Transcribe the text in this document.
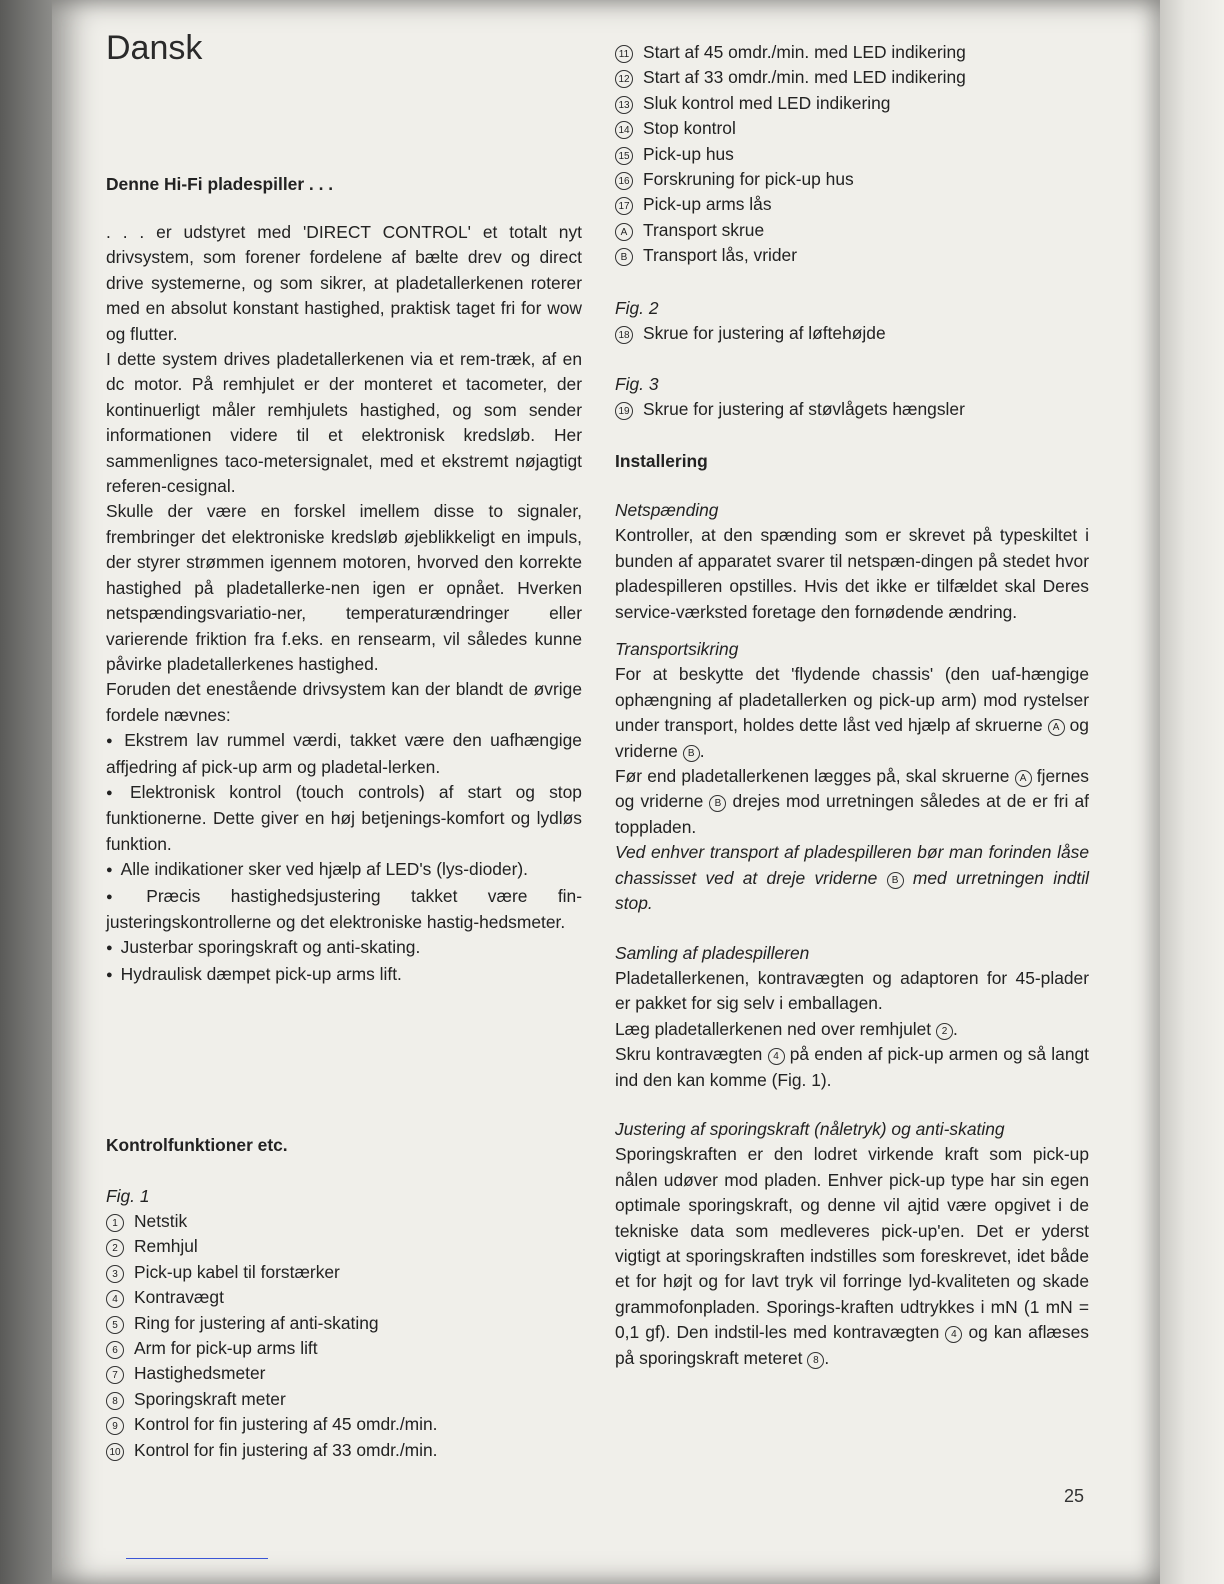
Dansk

Denne Hi-Fi pladespiller . . .

. . . er udstyret med 'DIRECT CONTROL' et totalt nyt drivsystem, som forener fordelene af bælte drev og direct drive systemerne, og som sikrer, at pladetallerkenen roterer med en absolut konstant hastighed, praktisk taget fri for wow og flutter.

I dette system drives pladetallerkenen via et rem-træk, af en dc motor. På remhjulet er der monteret et tacometer, der kontinuerligt måler remhjulets hastighed, og som sender informationen videre til et elektronisk kredsløb. Her sammenlignes taco-metersignalet, med et ekstremt nøjagtigt referen-cesignal.

Skulle der være en forskel imellem disse to signaler, frembringer det elektroniske kredsløb øjeblikkeligt en impuls, der styrer strømmen igennem motoren, hvorved den korrekte hastighed på pladetallerke-nen igen er opnået. Hverken netspændingsvariatio-ner, temperaturændringer eller varierende friktion fra f.eks. en rensearm, vil således kunne påvirke pladetallerkenes hastighed.

Foruden det enestående drivsystem kan der blandt de øvrige fordele nævnes:

● Ekstrem lav rummel værdi, takket være den uafhængige affjedring af pick-up arm og pladetal-lerken.

● Elektronisk kontrol (touch controls) af start og stop funktionerne. Dette giver en høj betjenings-komfort og lydløs funktion.

● Alle indikationer sker ved hjælp af LED's (lys-dioder).

● Præcis hastighedsjustering takket være fin-justeringskontrollerne og det elektroniske hastig-hedsmeter.

● Justerbar sporingskraft og anti-skating.

● Hydraulisk dæmpet pick-up arms lift.

Kontrolfunktioner etc.

Fig. 1

1 Netstik

2 Remhjul

3 Pick-up kabel til forstærker

4 Kontravægt

5 Ring for justering af anti-skating

6 Arm for pick-up arms lift

7 Hastighedsmeter

8 Sporingskraft meter

9 Kontrol for fin justering af 45 omdr./min.

10 Kontrol for fin justering af 33 omdr./min.

11 Start af 45 omdr./min. med LED indikering

12 Start af 33 omdr./min. med LED indikering

13 Sluk kontrol med LED indikering

14 Stop kontrol

15 Pick-up hus

16 Forskruning for pick-up hus

17 Pick-up arms lås

A Transport skrue

B Transport lås, vrider

Fig. 2

18 Skrue for justering af løftehøjde

Fig. 3

19 Skrue for justering af støvlågets hængsler

Installering

Netspænding

Kontroller, at den spænding som er skrevet på typeskiltet i bunden af apparatet svarer til netspæn-dingen på stedet hvor pladespilleren opstilles. Hvis det ikke er tilfældet skal Deres service-værksted foretage den fornødende ændring.

Transportsikring

For at beskytte det 'flydende chassis' (den uaf-hængige ophængning af pladetallerken og pick-up arm) mod rystelser under transport, holdes dette låst ved hjælp af skruerne A og vriderne B .

Før end pladetallerkenen lægges på, skal skruerne A fjernes og vriderne B drejes mod urretningen således at de er fri af toppladen.

Ved enhver transport af pladespilleren bør man forinden låse chassisset ved at dreje vriderne B med urretningen indtil stop.

Samling af pladespilleren

Pladetallerkenen, kontravægten og adaptoren for 45-plader er pakket for sig selv i emballagen.

Læg pladetallerkenen ned over remhjulet 2 .

Skru kontravægten 4 på enden af pick-up armen og så langt ind den kan komme (Fig. 1).

Justering af sporingskraft (nåletryk) og anti-skating

Sporingskraften er den lodret virkende kraft som pick-up nålen udøver mod pladen. Enhver pick-up type har sin egen optimale sporingskraft, og denne vil ajtid være opgivet i de tekniske data som medleveres pick-up'en. Det er yderst vigtigt at sporingskraften indstilles som foreskrevet, idet både et for højt og for lavt tryk vil forringe lyd-kvaliteten og skade grammofonpladen. Sporings-kraften udtrykkes i mN (1 mN = 0,1 gf). Den indstil-les med kontravægten 4 og kan aflæses på sporingskraft meteret 8 .

25
